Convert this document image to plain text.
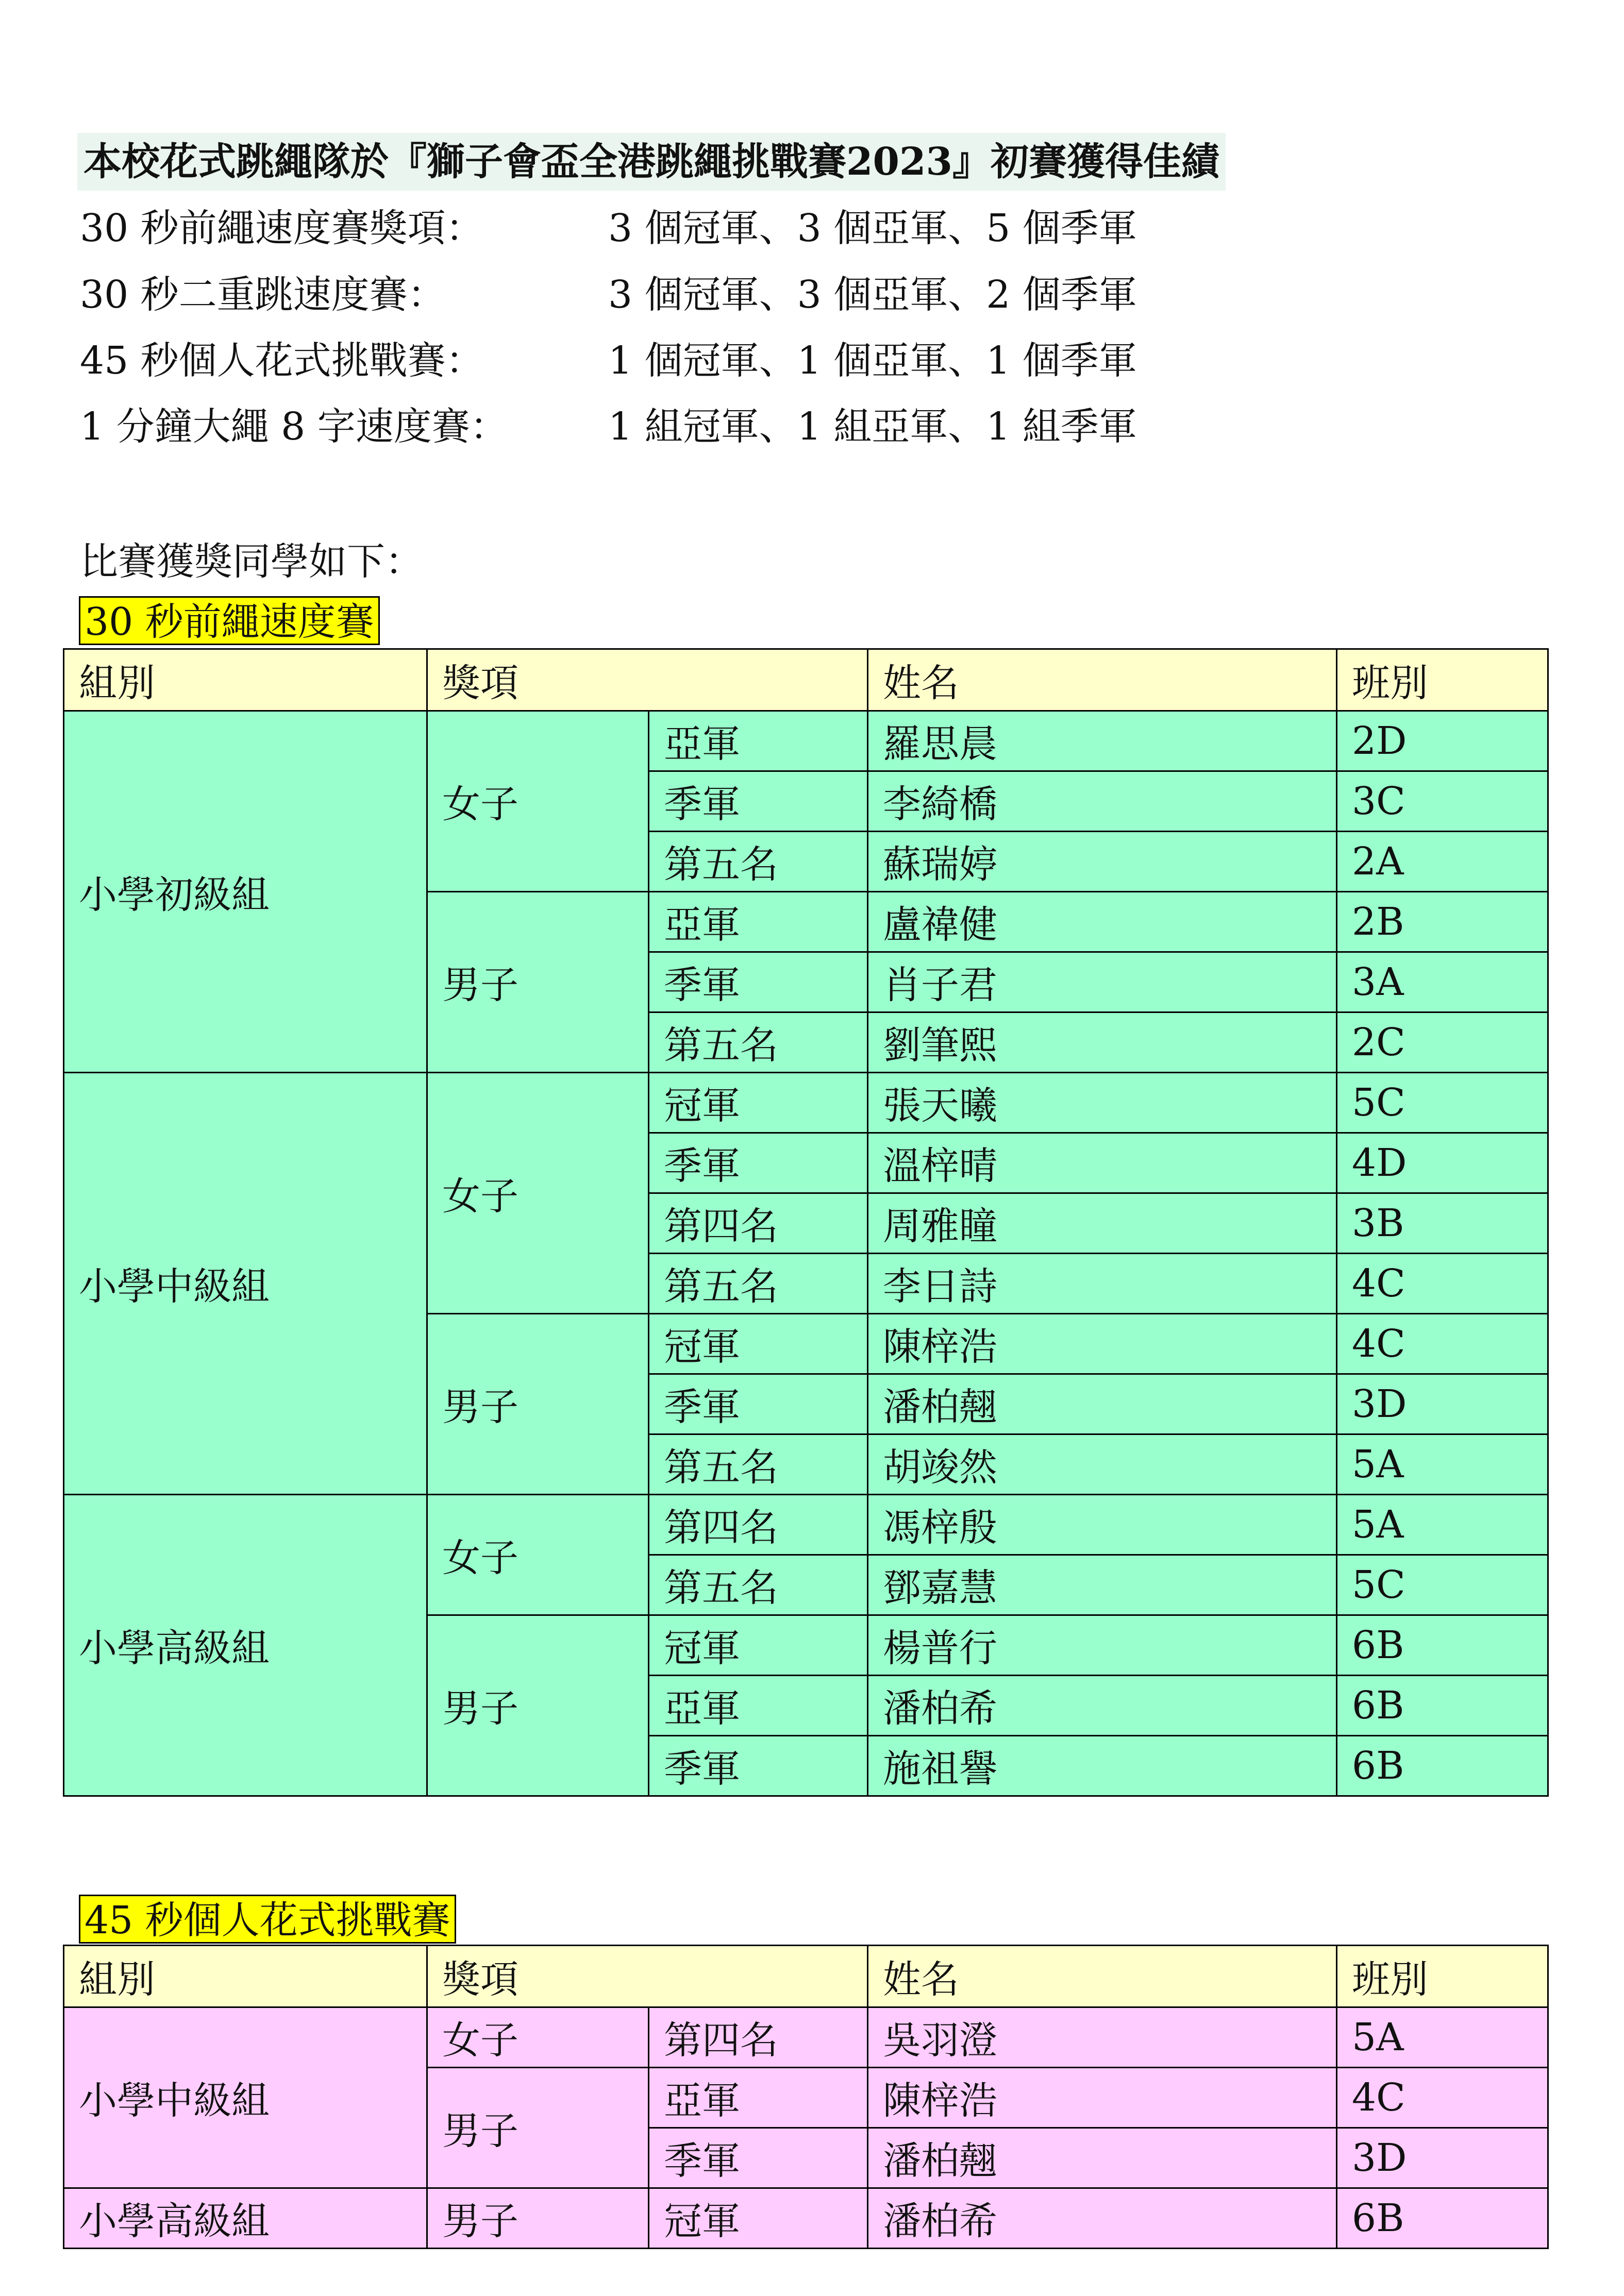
本校花式跳繩隊於『獅子會盃全港跳繩挑戰賽2023』初賽獲得佳績
30 秒前繩速度賽獎項：	3 個冠軍、3 個亞軍、5 個季軍
30 秒二重跳速度賽：	3 個冠軍、3 個亞軍、2 個季軍
45 秒個人花式挑戰賽：	1 個冠軍、1 個亞軍、1 個季軍
1 分鐘大繩 8 字速度賽：	1 組冠軍、1 組亞軍、1 組季軍
比賽獲獎同學如下：
30 秒前繩速度賽
組別	獎項		姓名	班別
小學初級組	女子	亞軍	羅思晨	2D
		季軍	李綺橋	3C
		第五名	蘇瑞婷	2A
	男子	亞軍	盧禕健	2B
		季軍	肖子君	3A
		第五名	劉筆熙	2C
小學中級組	女子	冠軍	張天曦	5C
		季軍	溫梓晴	4D
		第四名	周雅瞳	3B
		第五名	李日詩	4C
	男子	冠軍	陳梓浩	4C
		季軍	潘柏翹	3D
		第五名	胡竣然	5A
小學高級組	女子	第四名	馮梓殷	5A
		第五名	鄧嘉慧	5C
	男子	冠軍	楊普行	6B
		亞軍	潘柏希	6B
		季軍	施祖譽	6B
45 秒個人花式挑戰賽
組別	獎項		姓名	班別
小學中級組	女子	第四名	吳羽澄	5A
	男子	亞軍	陳梓浩	4C
		季軍	潘柏翹	3D
小學高級組	男子	冠軍	潘柏希	6B
